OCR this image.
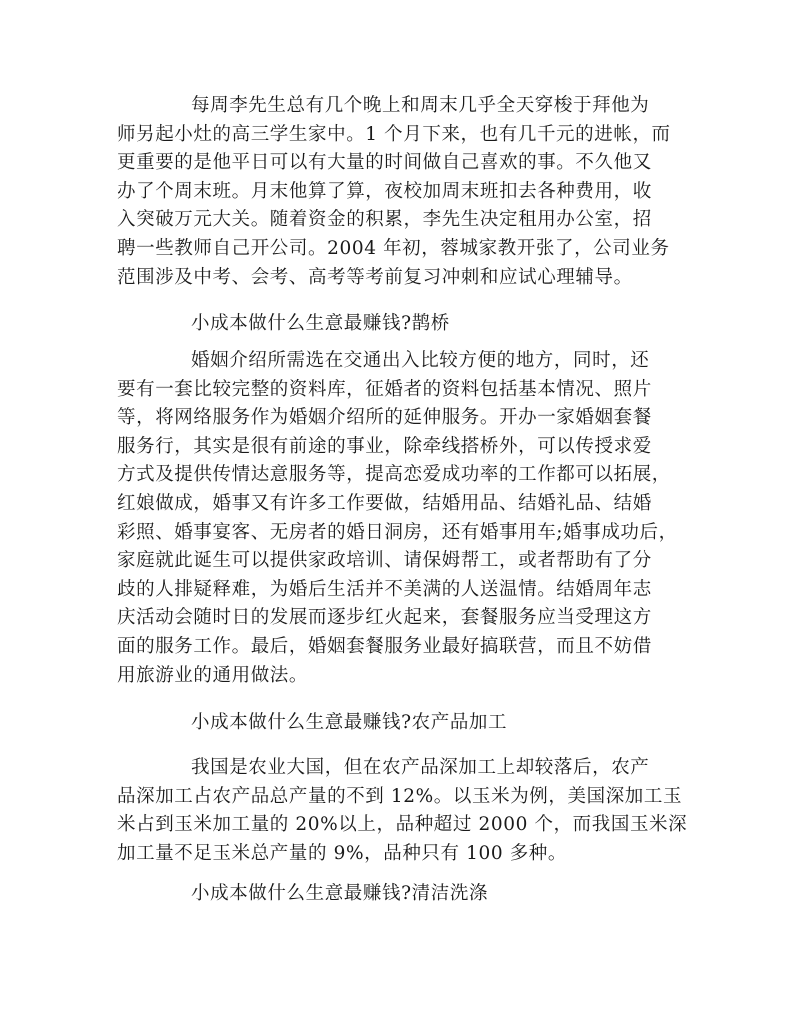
每周李先生总有几个晚上和周末几乎全天穿梭于拜他为
师另起小灶的高三学生家中。1 个月下来，也有几千元的进帐，而
更重要的是他平日可以有大量的时间做自己喜欢的事。不久他又
办了个周末班。月末他算了算，夜校加周末班扣去各种费用，收
入突破万元大关。随着资金的积累，李先生决定租用办公室，招
聘一些教师自己开公司。2004 年初，蓉城家教开张了，公司业务
范围涉及中考、会考、高考等考前复习冲刺和应试心理辅导。
小成本做什么生意最赚钱?鹊桥
婚姻介绍所需选在交通出入比较方便的地方，同时，还
要有一套比较完整的资料库，征婚者的资料包括基本情况、照片
等，将网络服务作为婚姻介绍所的延伸服务。开办一家婚姻套餐
服务行，其实是很有前途的事业，除牵线搭桥外，可以传授求爱
方式及提供传情达意服务等，提高恋爱成功率的工作都可以拓展，
红娘做成，婚事又有许多工作要做，结婚用品、结婚礼品、结婚
彩照、婚事宴客、无房者的婚日洞房，还有婚事用车;婚事成功后，
家庭就此诞生可以提供家政培训、请保姆帮工，或者帮助有了分
歧的人排疑释难，为婚后生活并不美满的人送温情。结婚周年志
庆活动会随时日的发展而逐步红火起来，套餐服务应当受理这方
面的服务工作。最后，婚姻套餐服务业最好搞联营，而且不妨借
用旅游业的通用做法。
小成本做什么生意最赚钱?农产品加工
我国是农业大国，但在农产品深加工上却较落后，农产
品深加工占农产品总产量的不到 12%。以玉米为例，美国深加工玉
米占到玉米加工量的 20%以上，品种超过 2000 个，而我国玉米深
加工量不足玉米总产量的 9%，品种只有 100 多种。
小成本做什么生意最赚钱?清洁洗涤
